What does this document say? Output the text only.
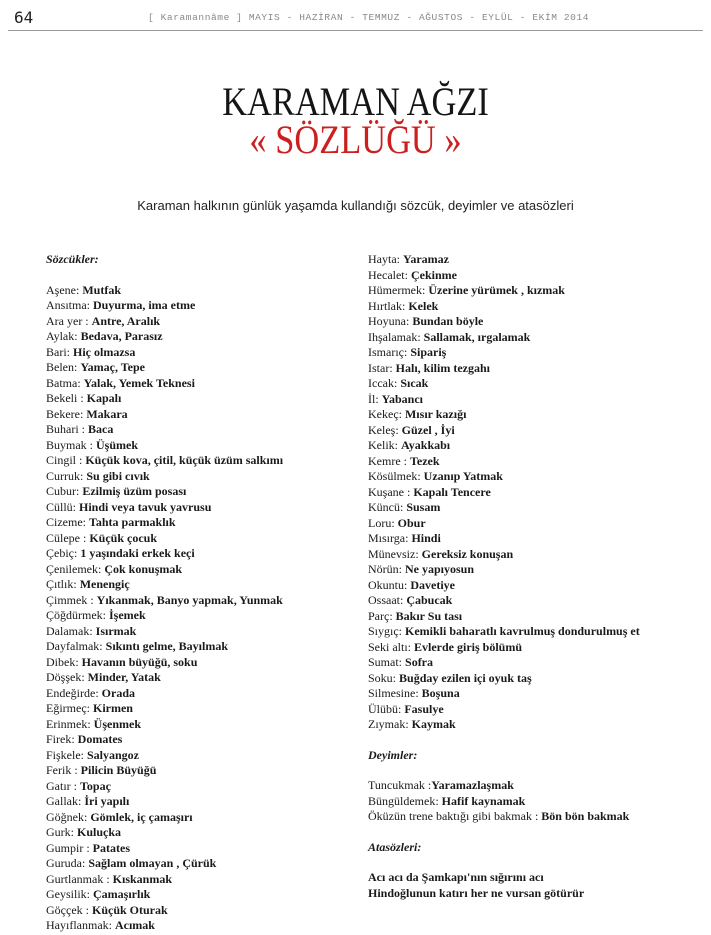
64	[ Karamannâme ] MAYIS - HAZİRAN - TEMMUZ - AĞUSTOS - EYLÜL - EKİM 2014
KARAMAN AĞZI
« SÖZLÜĞÜ »
Karaman halkının günlük yaşamda kullandığı sözcük, deyimler ve atasözleri

Sözcükler:

Aşene: Mutfak

Ansıtma: Duyurma, ima etme

Ara yer : Antre, Aralık

Aylak: Bedava, Parasız

Bari: Hiç olmazsa

Belen: Yamaç, Tepe

Batma: Yalak, Yemek Teknesi

Bekeli : Kapalı

Bekere: Makara

Buhari : Baca

Buymak : Üşümek

Cingil : Küçük kova, çitil, küçük üzüm salkımı

Curruk: Su gibi cıvık

Cubur: Ezilmiş üzüm posası

Cüllü: Hindi veya tavuk yavrusu

Cizeme: Tahta parmaklık

Cülepe : Küçük çocuk

Çebiç: 1 yaşındaki erkek keçi

Çenilemek: Çok konuşmak

Çıtlık: Menengiç

Çimmek : Yıkanmak, Banyo yapmak, Yunmak

Çöğdürmek: İşemek

Dalamak: Isırmak

Dayfalmak: Sıkıntı gelme, Bayılmak

Dibek: Havanın büyüğü, soku

Döşşek: Minder, Yatak

Endeğirde: Orada

Eğirmeç: Kirmen

Erinmek: Üşenmek

Firek: Domates

Fişkele: Salyangoz

Ferik : Pilicin Büyüğü

Gatır : Topaç

Gallak: İri yapılı

Göğnek: Gömlek, iç çamaşırı

Gurk: Kuluçka

Gumpir : Patates

Guruda: Sağlam olmayan , Çürük

Gurtlanmak : Kıskanmak

Geysilik: Çamaşırlık

Göççek : Küçük Oturak

Hayıflanmak: Acımak

Hayta: Yaramaz

Hecalet: Çekinme

Hümermek: Üzerine yürümek , kızmak

Hırtlak: Kelek

Hoyuna: Bundan böyle

Ihşalamak: Sallamak, ırgalamak

Ismarıç: Sipariş

Istar: Halı, kilim tezgahı

Iccak: Sıcak

İl: Yabancı

Kekeç: Mısır kazığı

Keleş: Güzel , İyi

Kelik: Ayakkabı

Kemre : Tezek

Kösülmek: Uzanıp Yatmak

Kuşane : Kapalı Tencere

Küncü: Susam

Loru: Obur

Mısırga: Hindi

Münevsiz: Gereksiz konuşan

Nörün: Ne yapıyosun

Okuntu: Davetiye

Ossaat: Çabucak

Parç: Bakır Su tası

Sıygıç: Kemikli baharatlı kavrulmuş dondurulmuş et

Seki altı: Evlerde giriş bölümü

Sumat: Sofra

Soku: Buğday ezilen içi oyuk taş

Silmesine: Boşuna

Ülübü: Fasulye

Zıymak: Kaymak

Deyimler:

Tuncukmak :Yaramazlaşmak

Büngüldemek: Hafif kaynamak

Öküzün trene baktığı gibi bakmak : Bön bön bakmak

Atasözleri:

Acı acı da Şamkapı'nın sığırını acı

Hindoğlunun katırı her ne vursan götürür
